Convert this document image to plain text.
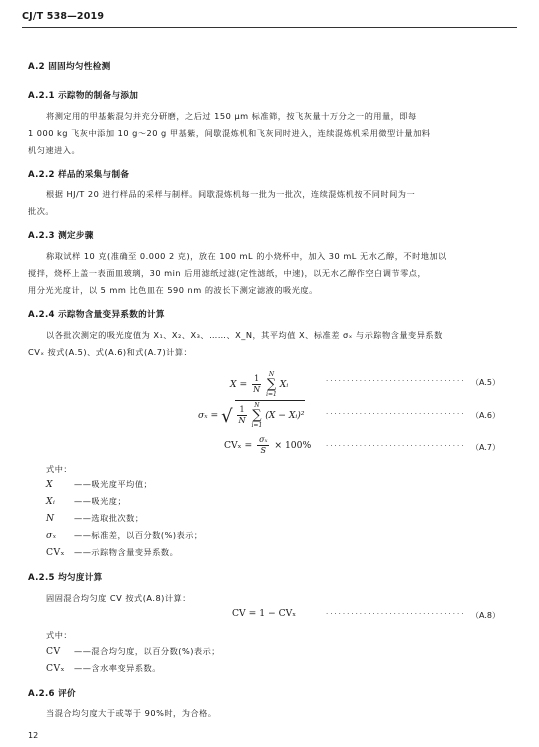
CJ/T 538—2019
A.2 固固均匀性检测
A.2.1 示踪物的制备与添加
将测定用的甲基紫混匀并充分研磨，之后过 150 μm 标准筛，按飞灰量十万分之一的用量，即每
1 000 kg 飞灰中添加 10 g～20 g 甲基紫，间歇混炼机和飞灰同时进入，连续混炼机采用微型计量加料
机匀速进入。
A.2.2 样品的采集与制备
根据 HJ/T 20 进行样品的采样与制样。间歇混炼机每一批为一批次，连续混炼机按不同时间为一
批次。
A.2.3 测定步骤
称取试样 10 克(准确至 0.000 2 克)，放在 100 mL 的小烧杯中，加入 30 mL 无水乙醇，不时地加以
搅拌，烧杯上盖一表面皿玻璃，30 min 后用滤纸过滤(定性滤纸，中速)，以无水乙醇作空白调节零点，
用分光光度计，以 5 mm 比色皿在 590 nm 的波长下测定滤液的吸光度。
A.2.4 示踪物含量变异系数的计算
以各批次测定的吸光度值为 X₁、X₂、X₃、……、X_N，其平均值 X、标准差 σₓ 与示踪物含量变异系数
CVₓ 按式(A.5)、式(A.6)和式(A.7)计算：
$X = \frac{1}{N}$
	N
∑
i=1
Xᵢ	································· （A.5）
σₓ = √ $\frac{1}{N}$
	N
∑
i=1
(X − Xᵢ)²	································· （A.6）
$CV_x = \frac{\text{σₓ}}{S} \times 100\%$ ································· （A.7）
式中：
X	——吸光度平均值；
Xᵢ ——吸光度；
N ——选取批次数；
σₓ ——标准差，以百分数(%)表示；
CVₓ ——示踪物含量变异系数。
A.2.5 均匀度计算
固固混合均匀度 CV 按式(A.8)计算：
CV = 1 − CVₓ	································· （A.8）
式中：
CV ——混合均匀度，以百分数(%)表示；
CVₓ ——含水率变异系数。
A.2.6 评价
当混合均匀度大于或等于 90%时，为合格。
12
